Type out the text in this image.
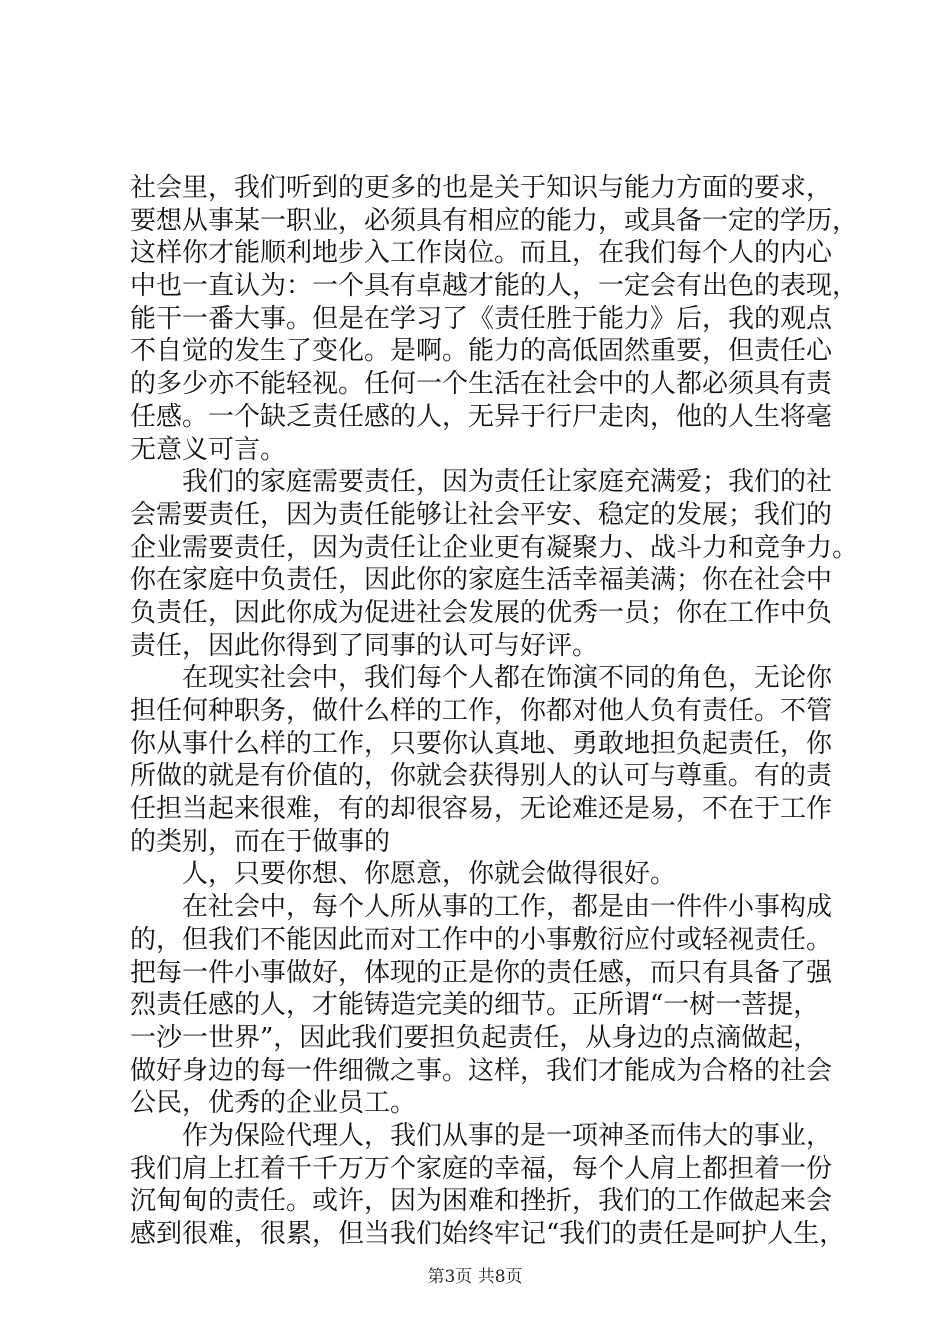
社会里，我们听到的更多的也是关于知识与能力方面的要求，
要想从事某一职业，必须具有相应的能力，或具备一定的学历，
这样你才能顺利地步入工作岗位。而且，在我们每个人的内心
中也一直认为：一个具有卓越才能的人，一定会有出色的表现，
能干一番大事。但是在学习了《责任胜于能力》后，我的观点
不自觉的发生了变化。是啊。能力的高低固然重要，但责任心
的多少亦不能轻视。任何一个生活在社会中的人都必须具有责
任感。一个缺乏责任感的人，无异于行尸走肉，他的人生将毫
无意义可言。
　　我们的家庭需要责任，因为责任让家庭充满爱；我们的社
会需要责任，因为责任能够让社会平安、稳定的发展；我们的
企业需要责任，因为责任让企业更有凝聚力、战斗力和竞争力。
你在家庭中负责任，因此你的家庭生活幸福美满；你在社会中
负责任，因此你成为促进社会发展的优秀一员；你在工作中负
责任，因此你得到了同事的认可与好评。
　　在现实社会中，我们每个人都在饰演不同的角色，无论你
担任何种职务，做什么样的工作，你都对他人负有责任。不管
你从事什么样的工作，只要你认真地、勇敢地担负起责任，你
所做的就是有价值的，你就会获得别人的认可与尊重。有的责
任担当起来很难，有的却很容易，无论难还是易，不在于工作
的类别，而在于做事的
　　人，只要你想、你愿意，你就会做得很好。
　　在社会中，每个人所从事的工作，都是由一件件小事构成
的，但我们不能因此而对工作中的小事敷衍应付或轻视责任。
把每一件小事做好，体现的正是你的责任感，而只有具备了强
烈责任感的人，才能铸造完美的细节。正所谓“一树一菩提，
一沙一世界”，因此我们要担负起责任，从身边的点滴做起，
做好身边的每一件细微之事。这样，我们才能成为合格的社会
公民，优秀的企业员工。
　　作为保险代理人，我们从事的是一项神圣而伟大的事业，
我们肩上扛着千千万万个家庭的幸福，每个人肩上都担着一份
沉甸甸的责任。或许，因为困难和挫折，我们的工作做起来会
感到很难，很累，但当我们始终牢记“我们的责任是呵护人生，
第3页 共8页
